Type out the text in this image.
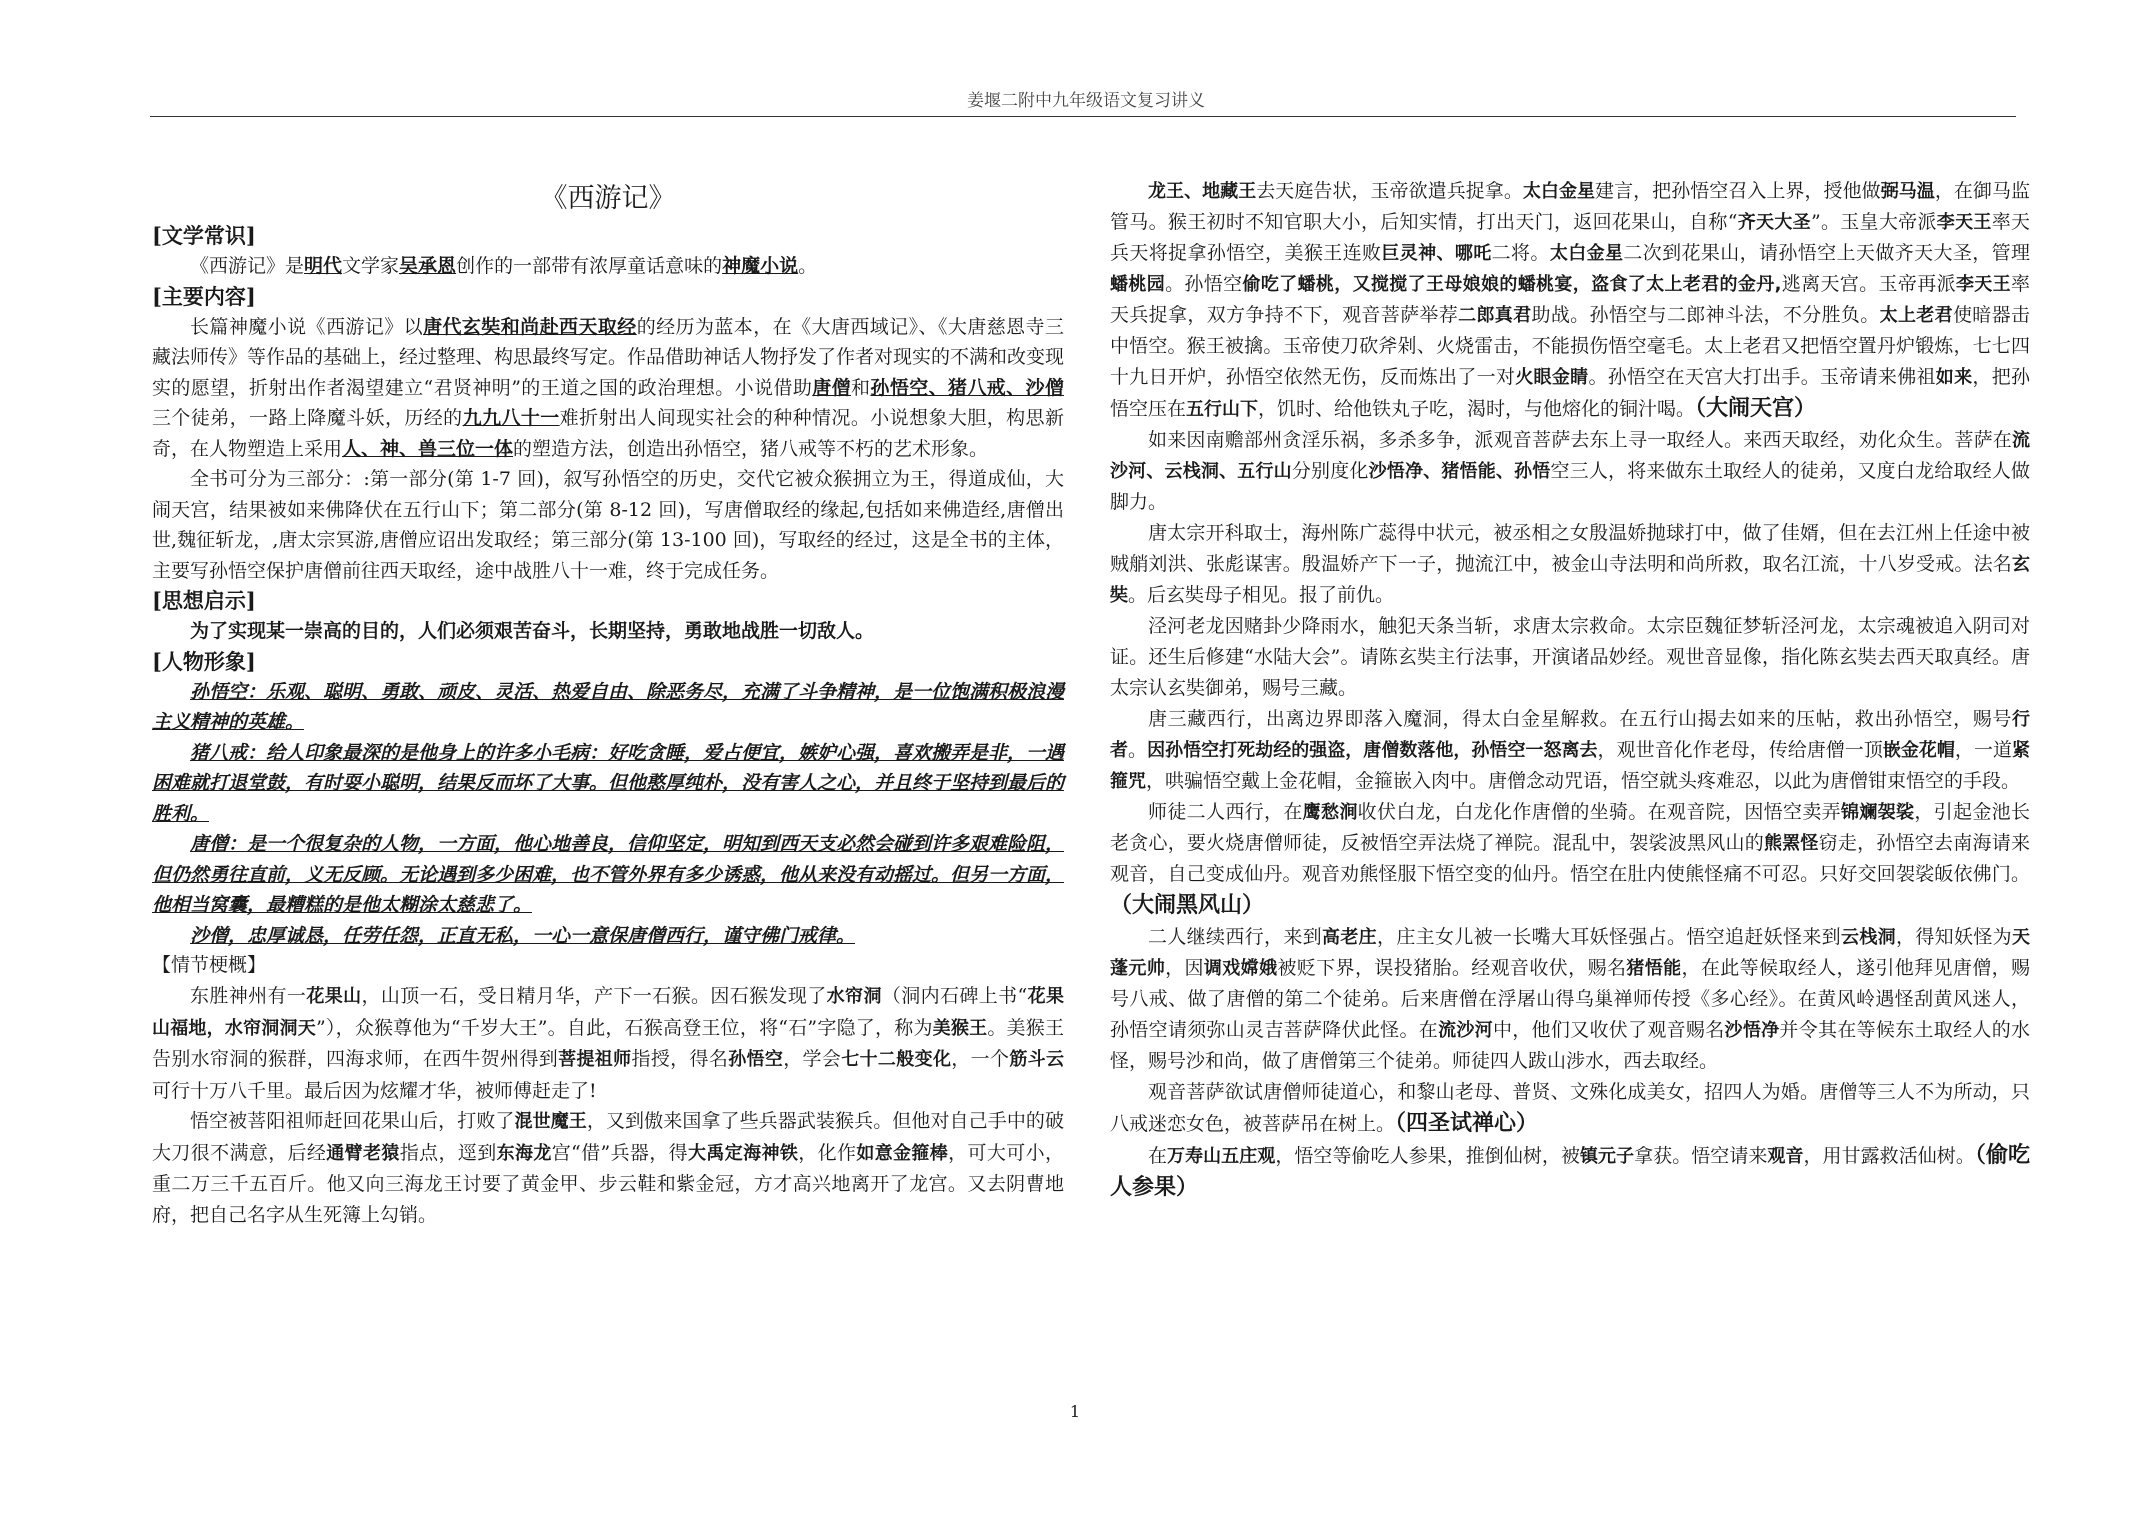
姜堰二附中九年级语文复习讲义
《西游记》
[文学常识]

《西游记》是明代文学家吴承恩创作的一部带有浓厚童话意味的神魔小说。

[主要内容]

长篇神魔小说《西游记》以唐代玄奘和尚赴西天取经的经历为蓝本，在《大唐西域记》、《大唐慈恩寺三藏法师传》等作品的基础上，经过整理、构思最终写定。作品借助神话人物抒发了作者对现实的不满和改变现实的愿望，折射出作者渴望建立“君贤神明”的王道之国的政治理想。小说借助唐僧和孙悟空、猪八戒、沙僧三个徒弟，一路上降魔斗妖，历经的九九八十一难折射出人间现实社会的种种情况。小说想象大胆，构思新奇，在人物塑造上采用人、神、兽三位一体的塑造方法，创造出孙悟空，猪八戒等不朽的艺术形象。

全书可分为三部分：:第一部分(第 1-7 回)，叙写孙悟空的历史，交代它被众猴拥立为王，得道成仙，大闹天宫，结果被如来佛降伏在五行山下；第二部分(第 8-12 回)，写唐僧取经的缘起,包括如来佛造经,唐僧出世,魏征斩龙，,唐太宗冥游,唐僧应诏出发取经；第三部分(第 13-100 回)，写取经的经过，这是全书的主体，主要写孙悟空保护唐僧前往西天取经，途中战胜八十一难，终于完成任务。

[思想启示]

为了实现某一崇高的目的，人们必须艰苦奋斗，长期坚持，勇敢地战胜一切敌人。

[人物形象]

孙悟空：乐观、聪明、勇敢、顽皮、灵活、热爱自由、除恶务尽，充满了斗争精神，是一位饱满积极浪漫主义精神的英雄。

猪八戒：给人印象最深的是他身上的许多小毛病：好吃贪睡，爱占便宜，嫉妒心强，喜欢搬弄是非，一遇困难就打退堂鼓，有时耍小聪明，结果反而坏了大事。但他憨厚纯朴，没有害人之心，并且终于坚持到最后的胜利。

唐僧：是一个很复杂的人物，一方面，他心地善良，信仰坚定，明知到西天支必然会碰到许多艰难险阻，但仍然勇往直前，义无反顾。无论遇到多少困难，也不管外界有多少诱惑，他从来没有动摇过。但另一方面，他相当窝囊，最糟糕的是他太糊涂太慈悲了。

沙僧，忠厚诚恳，任劳任怨，正直无私，一心一意保唐僧西行，谨守佛门戒律。

【情节梗概】

东胜神州有一花果山，山顶一石，受日精月华，产下一石猴。因石猴发现了水帘洞（洞内石碑上书“花果山福地，水帘洞洞天”），众猴尊他为“千岁大王”。自此，石猴高登王位，将“石”字隐了，称为美猴王。美猴王告别水帘洞的猴群，四海求师，在西牛贺州得到菩提祖师指授，得名孙悟空，学会七十二般变化，一个筋斗云可行十万八千里。最后因为炫耀才华，被师傅赶走了!

悟空被菩阳祖师赶回花果山后，打败了混世魔王，又到傲来国拿了些兵器武装猴兵。但他对自己手中的破大刀很不满意，后经通臂老猿指点，逕到东海龙宫“借”兵器，得大禹定海神铁，化作如意金箍棒，可大可小，重二万三千五百斤。他又向三海龙王讨要了黄金甲、步云鞋和紫金冠，方才高兴地离开了龙宫。又去阴曹地府，把自己名字从生死簿上勾销。

龙王、地藏王去天庭告状，玉帝欲遣兵捉拿。太白金星建言，把孙悟空召入上界，授他做弼马温，在御马监管马。猴王初时不知官职大小，后知实情，打出天门，返回花果山，自称“齐天大圣”。玉皇大帝派李天王率天兵天将捉拿孙悟空，美猴王连败巨灵神、哪吒二将。太白金星二次到花果山，请孙悟空上天做齐天大圣，管理蟠桃园。孙悟空偷吃了蟠桃，又搅搅了王母娘娘的蟠桃宴，盗食了太上老君的金丹,逃离天宫。玉帝再派李天王率天兵捉拿，双方争持不下，观音菩萨举荐二郎真君助战。孙悟空与二郎神斗法，不分胜负。太上老君使暗器击中悟空。猴王被擒。玉帝使刀砍斧剁、火烧雷击，不能损伤悟空毫毛。太上老君又把悟空置丹炉锻炼，七七四十九日开炉，孙悟空依然无伤，反而炼出了一对火眼金睛。孙悟空在天宫大打出手。玉帝请来佛祖如来，把孙悟空压在五行山下，饥时、给他铁丸子吃，渴时，与他熔化的铜汁喝。（大闹天宫）

如来因南赡部州贪淫乐祸，多杀多争，派观音菩萨去东上寻一取经人。来西天取经，劝化众生。菩萨在流沙河、云栈洞、五行山分别度化沙悟净、猪悟能、孙悟空三人，将来做东土取经人的徒弟，又度白龙给取经人做脚力。

唐太宗开科取士，海州陈广蕊得中状元，被丞相之女殷温娇抛球打中，做了佳婿，但在去江州上任途中被贼艄刘洪、张彪谋害。殷温娇产下一子，抛流江中，被金山寺法明和尚所救，取名江流，十八岁受戒。法名玄奘。后玄奘母子相见。报了前仇。

泾河老龙因赌卦少降雨水，触犯天条当斩，求唐太宗救命。太宗臣魏征梦斩泾河龙，太宗魂被追入阴司对证。还生后修建“水陆大会”。请陈玄奘主行法事，开演诸品妙经。观世音显像，指化陈玄奘去西天取真经。唐太宗认玄奘御弟，赐号三藏。

唐三藏西行，出离边界即落入魔洞，得太白金星解救。在五行山揭去如来的压帖，救出孙悟空，赐号行者。因孙悟空打死劫经的强盗，唐僧数落他，孙悟空一怒离去，观世音化作老母，传给唐僧一顶嵌金花帽，一道紧箍咒，哄骗悟空戴上金花帽，金箍嵌入肉中。唐僧念动咒语，悟空就头疼难忍，以此为唐僧钳束悟空的手段。

师徒二人西行，在鹰愁涧收伏白龙，白龙化作唐僧的坐骑。在观音院，因悟空卖弄锦斓袈裟，引起金池长老贪心，要火烧唐僧师徒，反被悟空弄法烧了禅院。混乱中，袈裟波黑风山的熊罴怪窃走，孙悟空去南海请来观音，自己变成仙丹。观音劝熊怪服下悟空变的仙丹。悟空在肚内使熊怪痛不可忍。只好交回袈裟皈依佛门。（大闹黑风山）

二人继续西行，来到高老庄，庄主女儿被一长嘴大耳妖怪强占。悟空追赶妖怪来到云栈洞，得知妖怪为天蓬元帅，因调戏嫦娥被贬下界，误投猪胎。经观音收伏，赐名猪悟能，在此等候取经人，遂引他拜见唐僧，赐号八戒、做了唐僧的第二个徒弟。后来唐僧在浮屠山得乌巢禅师传授《多心经》。在黄风岭遇怪刮黄风迷人，孙悟空请须弥山灵吉菩萨降伏此怪。在流沙河中，他们又收伏了观音赐名沙悟净并令其在等候东土取经人的水怪，赐号沙和尚，做了唐僧第三个徒弟。师徒四人跋山涉水，西去取经。

观音菩萨欲试唐僧师徒道心，和黎山老母、普贤、文殊化成美女，招四人为婚。唐僧等三人不为所动，只八戒迷恋女色，被菩萨吊在树上。（四圣试禅心）

在万寿山五庄观，悟空等偷吃人参果，推倒仙树，被镇元子拿获。悟空请来观音，用甘露救活仙树。（偷吃人参果）

1
